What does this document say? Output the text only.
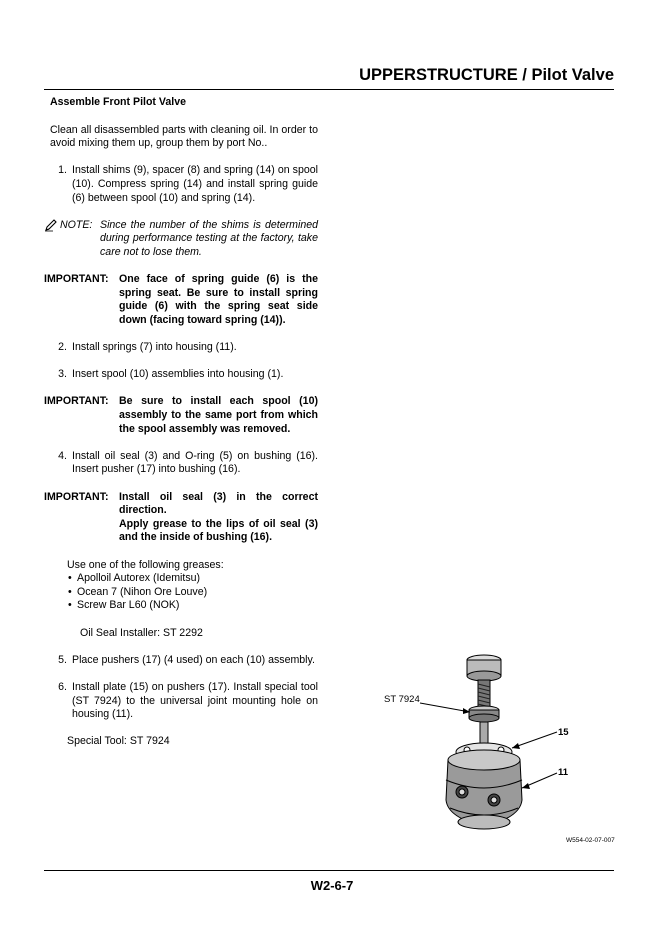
UPPERSTRUCTURE / Pilot Valve
Assemble Front Pilot Valve
Clean all disassembled parts with cleaning oil. In order to avoid mixing them up, group them by port No..
1. Install shims (9), spacer (8) and spring (14) on spool (10). Compress spring (14) and install spring guide (6) between spool (10) and spring (14).
NOTE: Since the number of the shims is determined during performance testing at the factory, take care not to lose them.
IMPORTANT: One face of spring guide (6) is the spring seat. Be sure to install spring guide (6) with the spring seat side down (facing toward spring (14)).
2. Install springs (7) into housing (11).
3. Insert spool (10) assemblies into housing (1).
IMPORTANT: Be sure to install each spool (10) assembly to the same port from which the spool assembly was removed.
4. Install oil seal (3) and O-ring (5) on bushing (16). Insert pusher (17) into bushing (16).
IMPORTANT: Install oil seal (3) in the correct direction.

Apply grease to the lips of oil seal (3) and the inside of bushing (16).

Use one of the following greases:
• Apolloil Autorex (Idemitsu)
• Ocean 7 (Nihon Ore Louve)
• Screw Bar L60 (NOK)
Oil Seal Installer: ST 2292
5. Place pushers (17) (4 used) on each (10) assembly.
6. Install plate (15) on pushers (17). Install special tool (ST 7924) to the universal joint mounting hole on housing (11).
Special Tool: ST 7924
ST 7924
15
11
W554-02-07-007
W2-6-7
